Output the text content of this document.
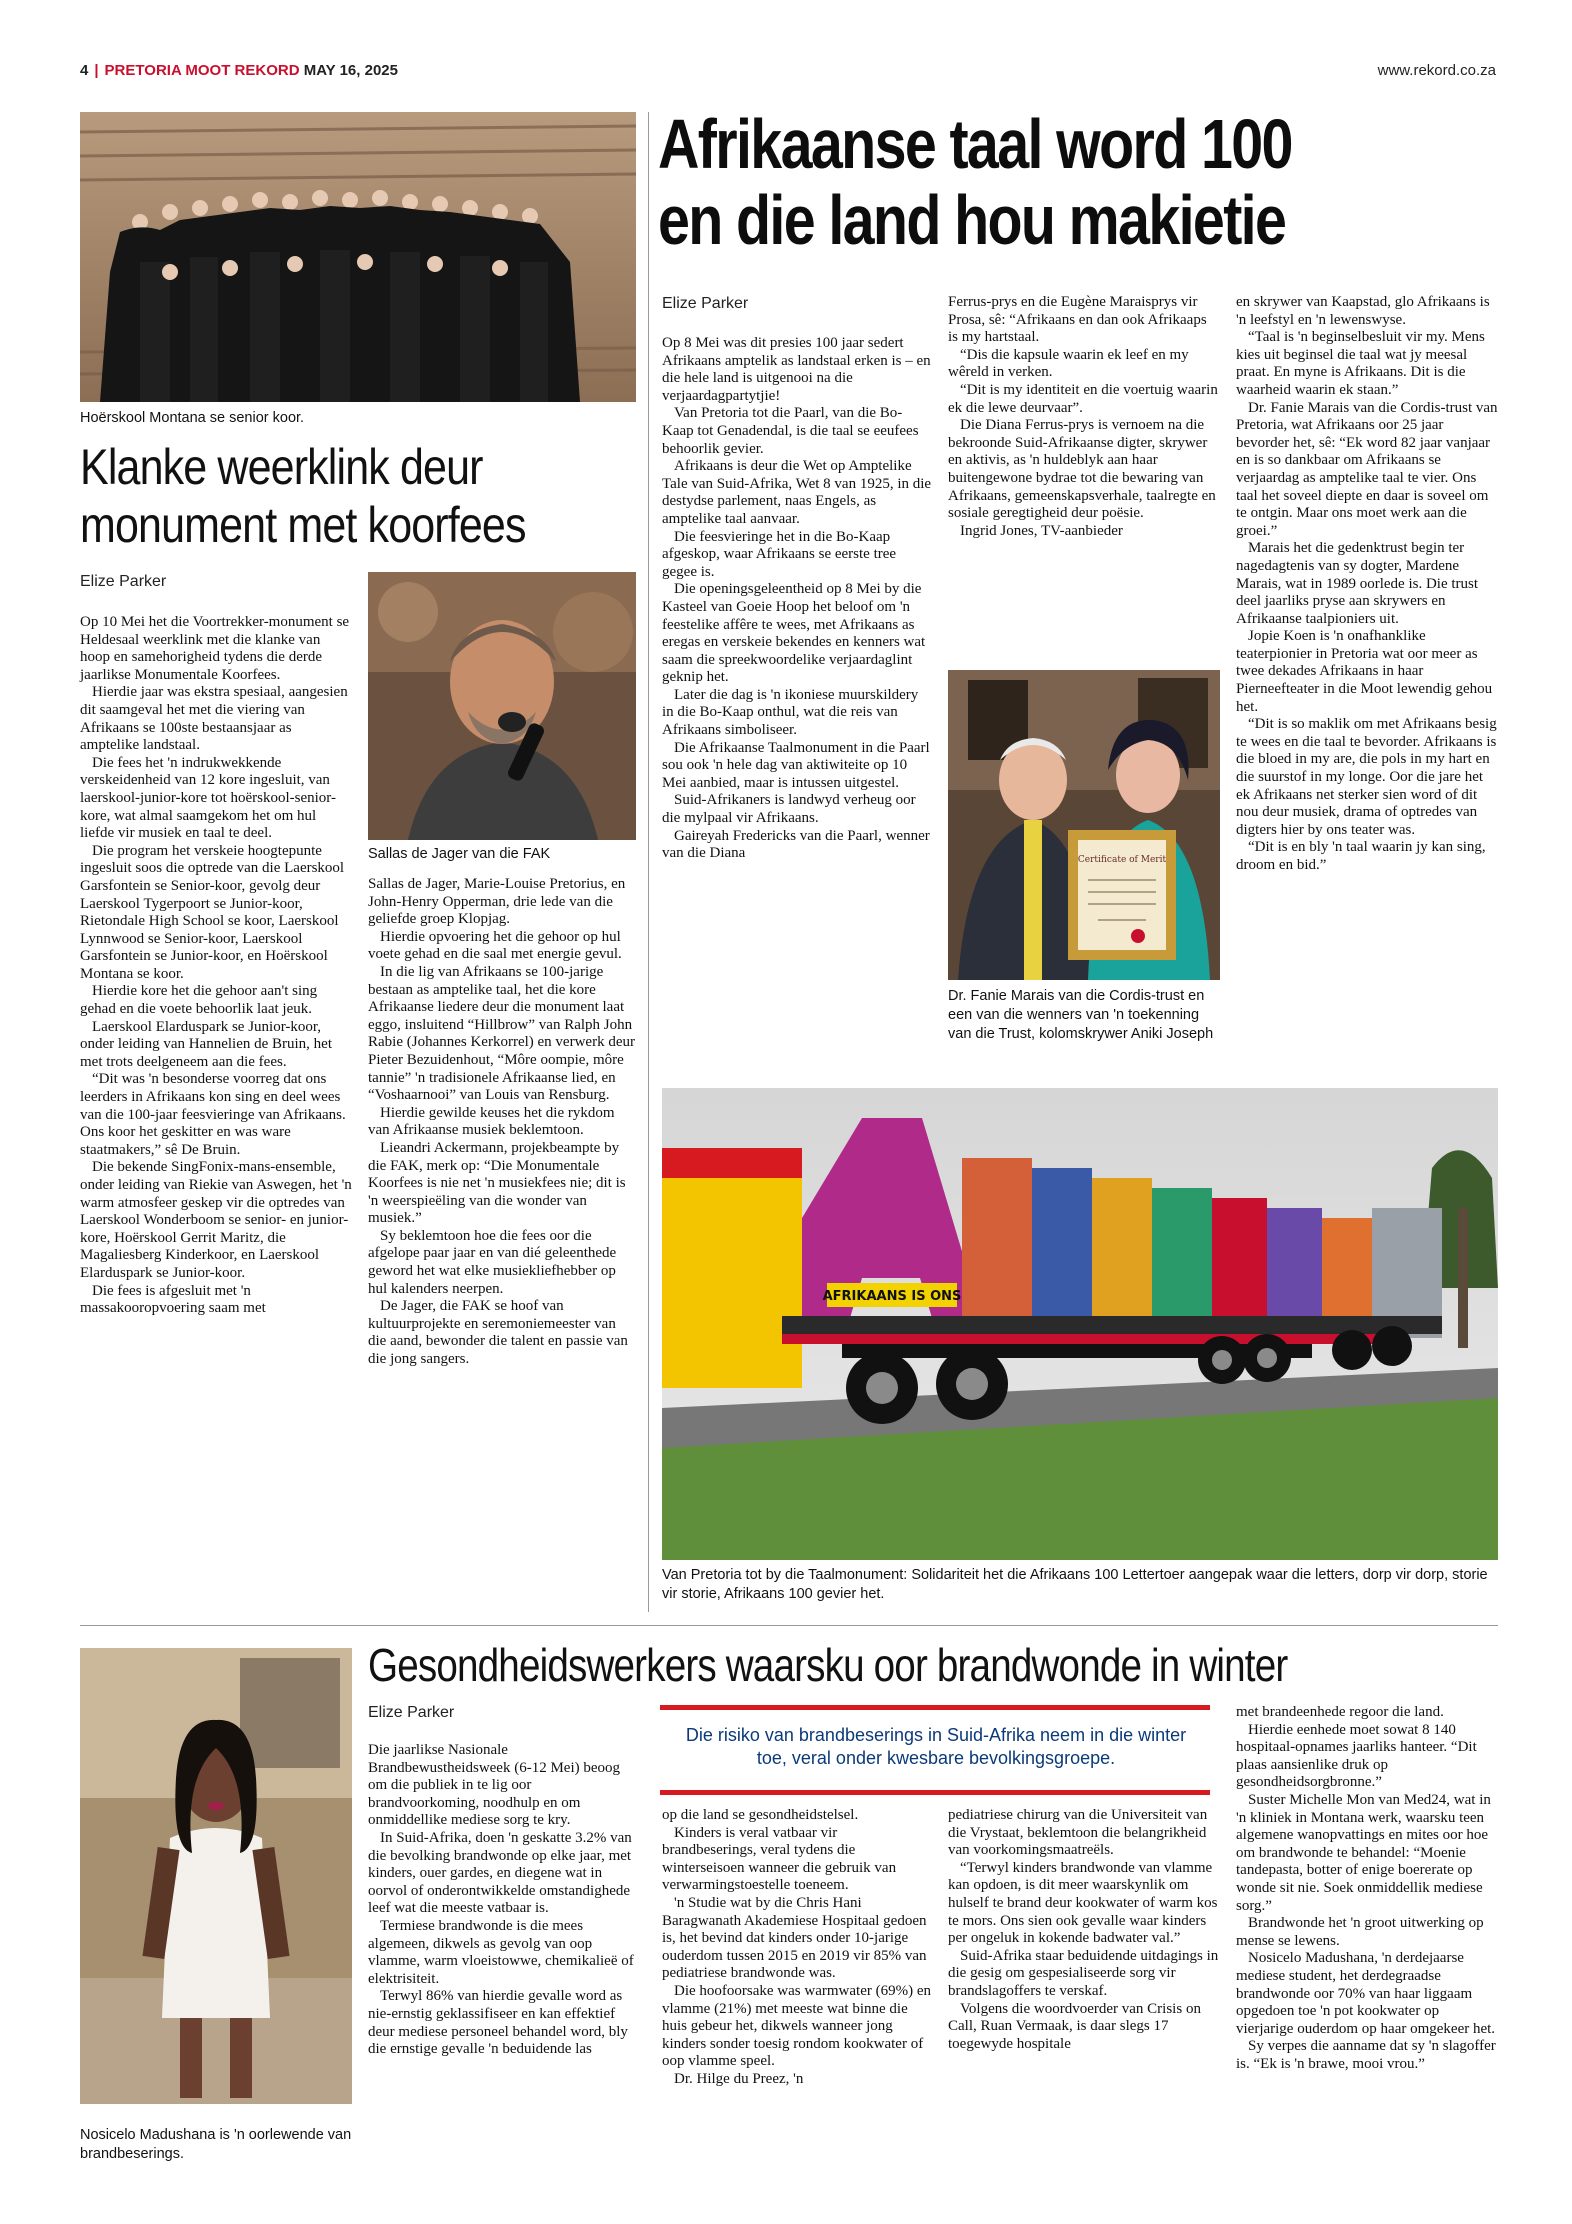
4 | PRETORIA MOOT REKORD MAY 16, 2025	www.rekord.co.za
Hoërskool Montana se senior koor.
Klanke weerklink deur
monument met koorfees
Elize Parker

Op 10 Mei het die Voortrekker-monument se Heldesaal weerklink met die klanke van hoop en samehorigheid tydens die derde jaarlikse Monumentale Koorfees.

Hierdie jaar was ekstra spesiaal, aangesien dit saamgeval het met die viering van Afrikaans se 100ste bestaansjaar as amptelike landstaal.

Die fees het 'n indrukwekkende verskeidenheid van 12 kore ingesluit, van laerskool-junior-kore tot hoërskool-senior-kore, wat almal saamgekom het om hul liefde vir musiek en taal te deel.

Die program het verskeie hoogtepunte ingesluit soos die optrede van die Laerskool Garsfontein se Senior-koor, gevolg deur Laerskool Tygerpoort se Junior-koor, Rietondale High School se koor, Laerskool Lynnwood se Senior-koor, Laerskool Garsfontein se Junior-koor, en Hoërskool Montana se koor.

Hierdie kore het die gehoor aan't sing gehad en die voete behoorlik laat jeuk.

Laerskool Elarduspark se Junior-koor, onder leiding van Hannelien de Bruin, het met trots deelgeneem aan die fees.

“Dit was 'n besonderse voorreg dat ons leerders in Afrikaans kon sing en deel wees van die 100-jaar feesvieringe van Afrikaans. Ons koor het geskitter en was ware staatmakers,” sê De Bruin.

Die bekende SingFonix-mans-ensemble, onder leiding van Riekie van Aswegen, het 'n warm atmosfeer geskep vir die optredes van Laerskool Wonderboom se senior- en junior-kore, Hoërskool Gerrit Maritz, die Magaliesberg Kinderkoor, en Laerskool Elarduspark se Junior-koor.

Die fees is afgesluit met 'n massakooropvoering saam met

Sallas de Jager van die FAK

Sallas de Jager, Marie-Louise Pretorius, en John-Henry Opperman, drie lede van die geliefde groep Klopjag.

Hierdie opvoering het die gehoor op hul voete gehad en die saal met energie gevul.

In die lig van Afrikaans se 100-jarige bestaan as amptelike taal, het die kore Afrikaanse liedere deur die monument laat eggo, insluitend “Hillbrow” van Ralph John Rabie (Johannes Kerkorrel) en verwerk deur Pieter Bezuidenhout, “Môre oompie, môre tannie” 'n tradisionele Afrikaanse lied, en “Voshaarnooi” van Louis van Rensburg.

Hierdie gewilde keuses het die rykdom van Afrikaanse musiek beklemtoon.

Lieandri Ackermann, projekbeampte by die FAK, merk op: “Die Monumentale Koorfees is nie net 'n musiekfees nie; dit is 'n weerspieëling van die wonder van musiek.”

Sy beklemtoon hoe die fees oor die afgelope paar jaar en van dié geleenthede geword het wat elke musiekliefhebber op hul kalenders neerpen.

De Jager, die FAK se hoof van kultuurprojekte en seremoniemeester van die aand, bewonder die talent en passie van die jong sangers.

Afrikaanse taal word 100
en die land hou makietie
Elize Parker

Op 8 Mei was dit presies 100 jaar sedert Afrikaans amptelik as landstaal erken is – en die hele land is uitgenooi na die verjaardagpartytjie!

Van Pretoria tot die Paarl, van die Bo-Kaap tot Genadendal, is die taal se eeufees behoorlik gevier.

Afrikaans is deur die Wet op Amptelike Tale van Suid-Afrika, Wet 8 van 1925, in die destydse parlement, naas Engels, as amptelike taal aanvaar.

Die feesvieringe het in die Bo-Kaap afgeskop, waar Afrikaans se eerste tree gegee is.

Die openingsgeleentheid op 8 Mei by die Kasteel van Goeie Hoop het beloof om 'n feestelike affêre te wees, met Afrikaans as eregas en verskeie bekendes en kenners wat saam die spreekwoordelike verjaardaglint geknip het.

Later die dag is 'n ikoniese muurskildery in die Bo-Kaap onthul, wat die reis van Afrikaans simboliseer.

Die Afrikaanse Taalmonument in die Paarl sou ook 'n hele dag van aktiwiteite op 10 Mei aanbied, maar is intussen uitgestel.

Suid-Afrikaners is landwyd verheug oor die mylpaal vir Afrikaans.

Gaireyah Fredericks van die Paarl, wenner van die Diana

Ferrus-prys en die Eugène Maraisprys vir Prosa, sê: “Afrikaans en dan ook Afrikaaps is my hartstaal.

“Dis die kapsule waarin ek leef en my wêreld in verken.

“Dit is my identiteit en die voertuig waarin ek die lewe deurvaar”.

Die Diana Ferrus-prys is vernoem na die bekroonde Suid-Afrikaanse digter, skrywer en aktivis, as 'n huldeblyk aan haar buitengewone bydrae tot die bewaring van Afrikaans, gemeenskapsverhale, taalregte en sosiale geregtigheid deur poësie.

Ingrid Jones, TV-aanbieder

Certificate of Merit
Dr. Fanie Marais van die Cordis-trust en een van die wenners van 'n toekenning van die Trust, kolomskrywer Aniki Joseph

en skrywer van Kaapstad, glo Afrikaans is 'n leefstyl en 'n lewenswyse.

“Taal is 'n beginselbesluit vir my. Mens kies uit beginsel die taal wat jy meesal praat. En myne is Afrikaans. Dit is die waarheid waarin ek staan.”

Dr. Fanie Marais van die Cordis-trust van Pretoria, wat Afrikaans oor 25 jaar bevorder het, sê: “Ek word 82 jaar vanjaar en is so dankbaar om Afrikaans se verjaardag as amptelike taal te vier. Ons taal het soveel diepte en daar is soveel om te ontgin. Maar ons moet werk aan die groei.”

Marais het die gedenktrust begin ter nagedagtenis van sy dogter, Mardene Marais, wat in 1989 oorlede is. Die trust deel jaarliks pryse aan skrywers en Afrikaanse taalpioniers uit.

Jopie Koen is 'n onafhanklike teaterpionier in Pretoria wat oor meer as twee dekades Afrikaans in haar Pierneefteater in die Moot lewendig gehou het.

“Dit is so maklik om met Afrikaans besig te wees en die taal te bevorder. Afrikaans is die bloed in my are, die pols in my hart en die suurstof in my longe. Oor die jare het ek Afrikaans net sterker sien word of dit nou deur musiek, drama of optredes van digters hier by ons teater was.

“Dit is en bly 'n taal waarin jy kan sing, droom en bid.”

AFRIKAANS IS ONS
Van Pretoria tot by die Taalmonument: Solidariteit het die Afrikaans 100 Lettertoer aangepak waar die letters, dorp vir dorp, storie vir storie, Afrikaans 100 gevier het.
Nosicelo Madushana is 'n oorlewende van brandbeserings.
Gesondheidswerkers waarsku oor brandwonde in winter
Elize Parker
Die risiko van brandbeserings in Suid-Afrika neem in die winter toe, veral onder kwesbare bevolkingsgroepe.

Die jaarlikse Nasionale Brandbewustheidsweek (6-12 Mei) beoog om die publiek in te lig oor brandvoorkoming, noodhulp en om onmiddellike mediese sorg te kry.

In Suid-Afrika, doen 'n geskatte 3.2% van die bevolking brandwonde op elke jaar, met kinders, ouer gardes, en diegene wat in oorvol of onderontwikkelde omstandighede leef wat die meeste vatbaar is.

Termiese brandwonde is die mees algemeen, dikwels as gevolg van oop vlamme, warm vloeistowwe, chemikalieë of elektrisiteit.

Terwyl 86% van hierdie gevalle word as nie-ernstig geklassifiseer en kan effektief deur mediese personeel behandel word, bly die ernstige gevalle 'n beduidende las

op die land se gesondheidstelsel.

Kinders is veral vatbaar vir brandbeserings, veral tydens die winterseisoen wanneer die gebruik van verwarmingstoestelle toeneem.

'n Studie wat by die Chris Hani Baragwanath Akademiese Hospitaal gedoen is, het bevind dat kinders onder 10-jarige ouderdom tussen 2015 en 2019 vir 85% van pediatriese brandwonde was.

Die hoofoorsake was warmwater (69%) en vlamme (21%) met meeste wat binne die huis gebeur het, dikwels wanneer jong kinders sonder toesig rondom kookwater of oop vlamme speel.

Dr. Hilge du Preez, 'n

pediatriese chirurg van die Universiteit van die Vrystaat, beklemtoon die belangrikheid van voorkomingsmaatreëls.

“Terwyl kinders brandwonde van vlamme kan opdoen, is dit meer waarskynlik om hulself te brand deur kookwater of warm kos te mors. Ons sien ook gevalle waar kinders per ongeluk in kokende badwater val.”

Suid-Afrika staar beduidende uitdagings in die gesig om gespesialiseerde sorg vir brandslagoffers te verskaf.

Volgens die woordvoerder van Crisis on Call, Ruan Vermaak, is daar slegs 17 toegewyde hospitale

met brandeenhede regoor die land.

Hierdie eenhede moet sowat 8 140 hospitaal-opnames jaarliks hanteer. “Dit plaas aansienlike druk op gesondheidsorgbronne.”

Suster Michelle Mon van Med24, wat in 'n kliniek in Montana werk, waarsku teen algemene wanopvattings en mites oor hoe om brandwonde te behandel: “Moenie tandepasta, botter of enige boererate op wonde sit nie. Soek onmiddellik mediese sorg.”

Brandwonde het 'n groot uitwerking op mense se lewens.

Nosicelo Madushana, 'n derdejaarse mediese student, het derdegraadse brandwonde oor 70% van haar liggaam opgedoen toe 'n pot kookwater op vierjarige ouderdom op haar omgekeer het.

Sy verpes die aanname dat sy 'n slagoffer is. “Ek is 'n brawe, mooi vrou.”
